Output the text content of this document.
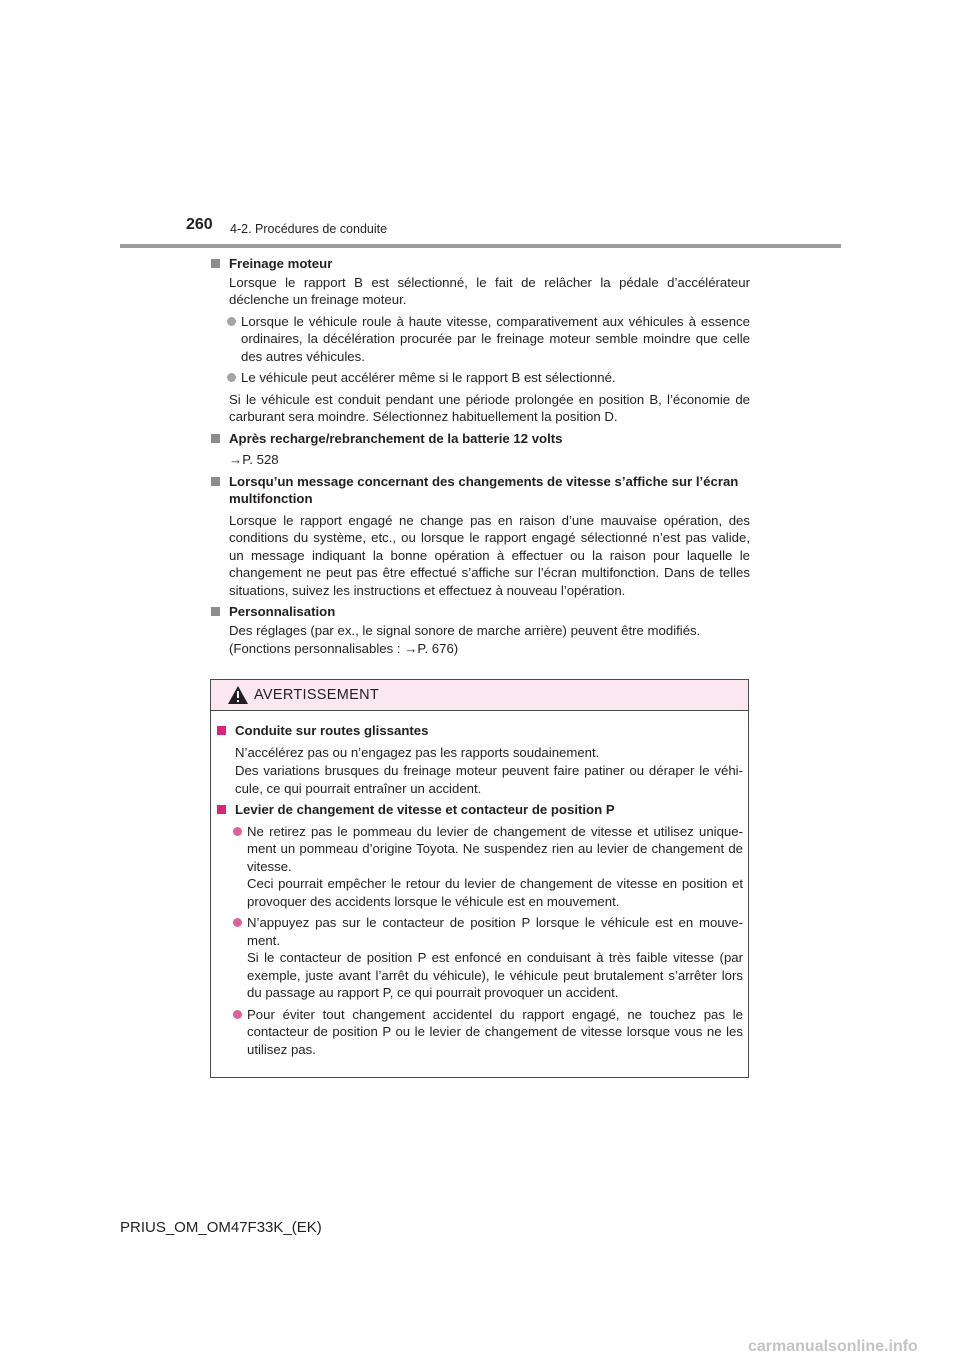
260 4-2. Procédures de conduite
Freinage moteur
Lorsque le rapport B est sélectionné, le fait de relâcher la pédale d’accélérateur déclenche un freinage moteur.
Lorsque le véhicule roule à haute vitesse, comparativement aux véhicules à essence ordinaires, la décélération procurée par le freinage moteur semble moindre que celle des autres véhicules.
Le véhicule peut accélérer même si le rapport B est sélectionné.
Si le véhicule est conduit pendant une période prolongée en position B, l’économie de carburant sera moindre. Sélectionnez habituellement la position D.
Après recharge/rebranchement de la batterie 12 volts
→P. 528
Lorsqu’un message concernant des changements de vitesse s’affiche sur l’écran multifonction
Lorsque le rapport engagé ne change pas en raison d’une mauvaise opération, des conditions du système, etc., ou lorsque le rapport engagé sélectionné n’est pas valide, un message indiquant la bonne opération à effectuer ou la raison pour laquelle le changement ne peut pas être effectué s’affiche sur l’écran multifonction. Dans de telles situations, suivez les instructions et effectuez à nouveau l’opération.
Personnalisation
Des réglages (par ex., le signal sonore de marche arrière) peuvent être modifiés.
(Fonctions personnalisables : →P. 676)
AVERTISSEMENT
Conduite sur routes glissantes
N’accélérez pas ou n’engagez pas les rapports soudainement.
Des variations brusques du freinage moteur peuvent faire patiner ou déraper le véhi-cule, ce qui pourrait entraîner un accident.
Levier de changement de vitesse et contacteur de position P
Ne retirez pas le pommeau du levier de changement de vitesse et utilisez unique-ment un pommeau d’origine Toyota. Ne suspendez rien au levier de changement de vitesse.
Ceci pourrait empêcher le retour du levier de changement de vitesse en position et provoquer des accidents lorsque le véhicule est en mouvement.
N’appuyez pas sur le contacteur de position P lorsque le véhicule est en mouve-ment.
Si le contacteur de position P est enfoncé en conduisant à très faible vitesse (par exemple, juste avant l’arrêt du véhicule), le véhicule peut brutalement s’arrêter lors du passage au rapport P, ce qui pourrait provoquer un accident.
Pour éviter tout changement accidentel du rapport engagé, ne touchez pas le contacteur de position P ou le levier de changement de vitesse lorsque vous ne les utilisez pas.
PRIUS_OM_OM47F33K_(EK)
carmanualsonline.info
